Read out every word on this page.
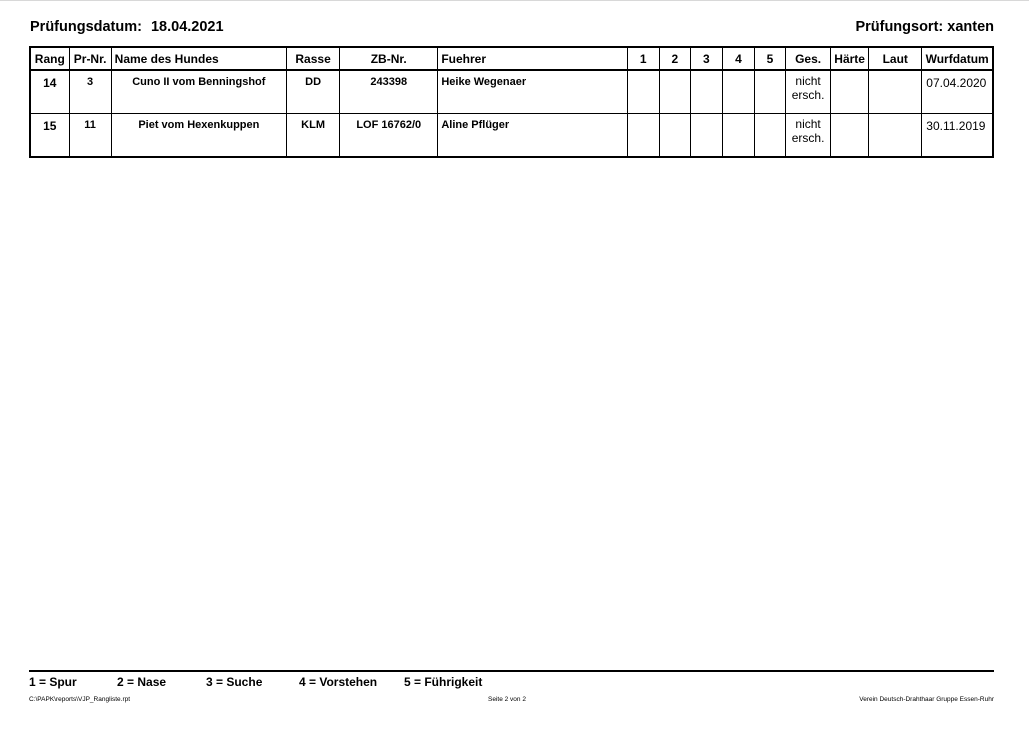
Prüfungsdatum: 18.04.2021	Prüfungsort: xanten
Rang	Pr-Nr.	Name des Hundes	Rasse	ZB-Nr.	Fuehrer	1	2	3	4	5	Ges.	Härte	Laut	Wurfdatum
14	3	Cuno II vom Benningshof	DD	243398	Heike Wegenaer						nicht
ersch.			07.04.2020
15	11	Piet vom Hexenkuppen	KLM	LOF 16762/0	Aline Pflüger						nicht
ersch.			30.11.2019
1 = Spur	2 = Nase	3 = Suche	4 = Vorstehen 5 = Führigkeit
C:\PAPK\reports\VJP_Rangliste.rpt	Seite 2 von 2	Verein Deutsch-Drahthaar Gruppe Essen-Ruhr
